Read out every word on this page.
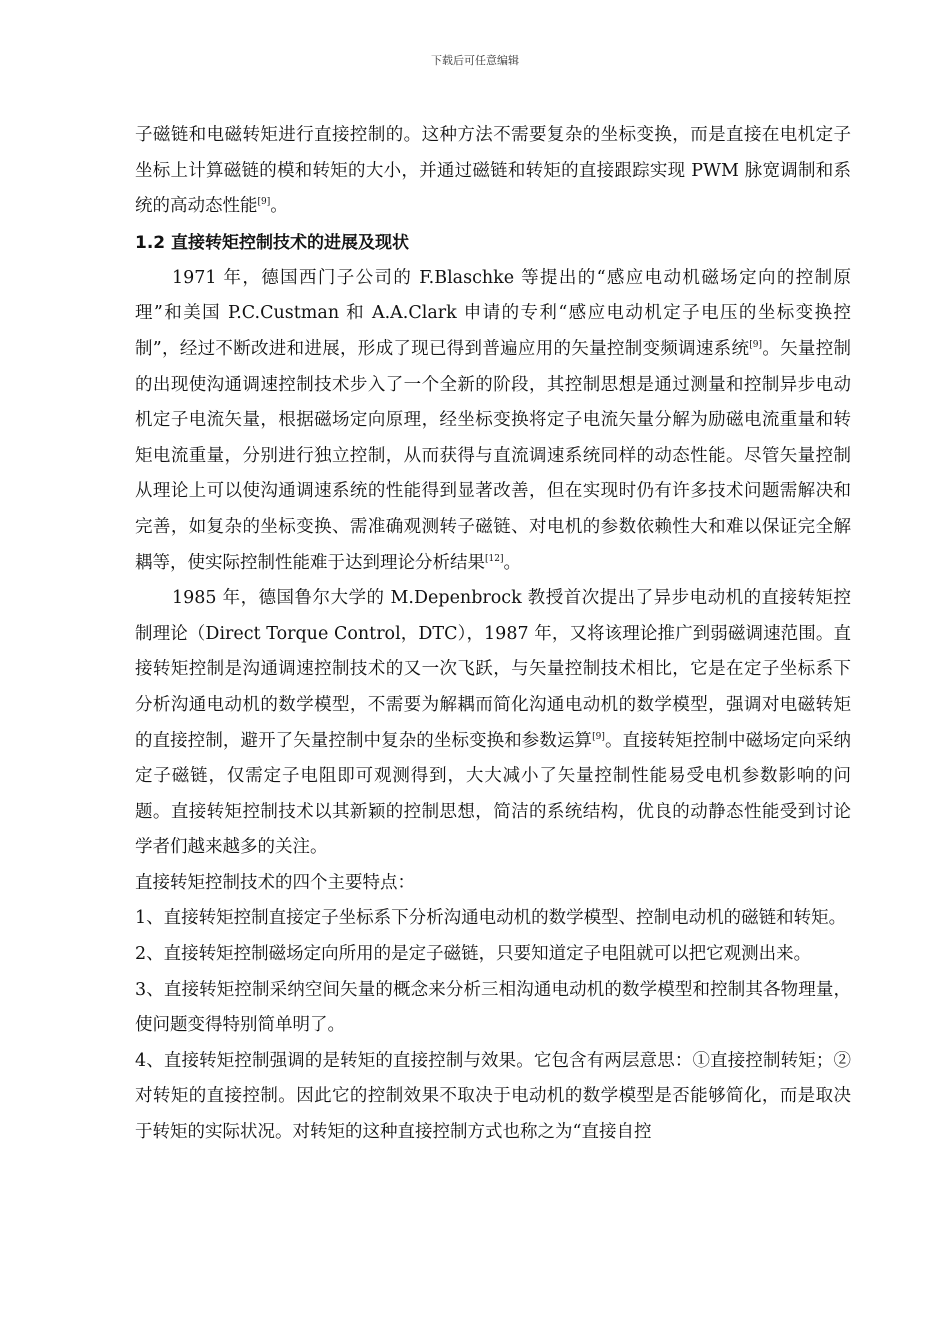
下载后可任意编辑

子磁链和电磁转矩进行直接控制的。这种方法不需要复杂的坐标变换，而是直接在电机定子坐标上计算磁链的模和转矩的大小，并通过磁链和转矩的直接跟踪实现 PWM 脉宽调制和系统的高动态性能[9]。

1.2 直接转矩控制技术的进展及现状

1971 年，德国西门子公司的 F.Blaschke 等提出的“感应电动机磁场定向的控制原理”和美国 P.C.Custman 和 A.A.Clark 申请的专利“感应电动机定子电压的坐标变换控制”，经过不断改进和进展，形成了现已得到普遍应用的矢量控制变频调速系统[9]。矢量控制的出现使沟通调速控制技术步入了一个全新的阶段，其控制思想是通过测量和控制异步电动机定子电流矢量，根据磁场定向原理，经坐标变换将定子电流矢量分解为励磁电流重量和转矩电流重量，分别进行独立控制，从而获得与直流调速系统同样的动态性能。尽管矢量控制从理论上可以使沟通调速系统的性能得到显著改善，但在实现时仍有许多技术问题需解决和完善，如复杂的坐标变换、需准确观测转子磁链、对电机的参数依赖性大和难以保证完全解耦等，使实际控制性能难于达到理论分析结果[12]。

1985 年，德国鲁尔大学的 M.Depenbrock 教授首次提出了异步电动机的直接转矩控制理论（Direct Torque Control，DTC），1987 年，又将该理论推广到弱磁调速范围。直接转矩控制是沟通调速控制技术的又一次飞跃，与矢量控制技术相比，它是在定子坐标系下分析沟通电动机的数学模型，不需要为解耦而简化沟通电动机的数学模型，强调对电磁转矩的直接控制，避开了矢量控制中复杂的坐标变换和参数运算[9]。直接转矩控制中磁场定向采纳定子磁链，仅需定子电阻即可观测得到，大大减小了矢量控制性能易受电机参数影响的问题。直接转矩控制技术以其新颖的控制思想，简洁的系统结构，优良的动静态性能受到讨论学者们越来越多的关注。

直接转矩控制技术的四个主要特点：

1、直接转矩控制直接定子坐标系下分析沟通电动机的数学模型、控制电动机的磁链和转矩。

2、直接转矩控制磁场定向所用的是定子磁链，只要知道定子电阻就可以把它观测出来。

3、直接转矩控制采纳空间矢量的概念来分析三相沟通电动机的数学模型和控制其各物理量，使问题变得特别简单明了。

4、直接转矩控制强调的是转矩的直接控制与效果。它包含有两层意思：①直接控制转矩；②对转矩的直接控制。因此它的控制效果不取决于电动机的数学模型是否能够简化，而是取决于转矩的实际状况。对转矩的这种直接控制方式也称之为“直接自控
